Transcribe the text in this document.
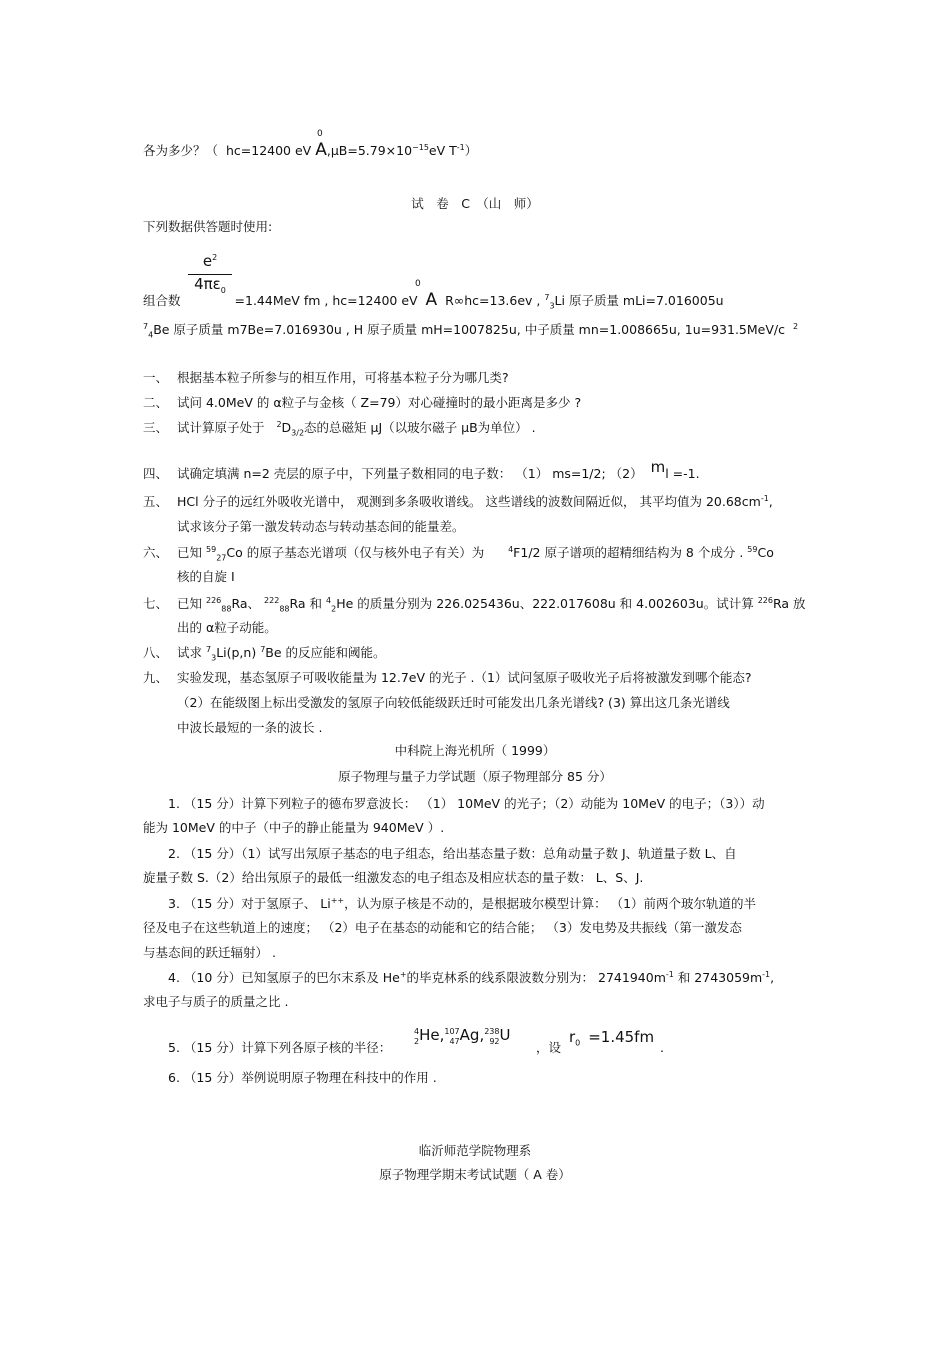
0
各为多少？（ hc=12400 eV $A,\mu B=5.79\times 10^{-15}eV$ $T^{-1}$）
试　卷　C　（山　师）
下列数据供答题时使用:
$e^2$
$4\pi\varepsilon_0$
0
组合数	=1.44MeV fm , hc=12400 eV A R∞hc=13.6ev , $^7_3$Li 原子质量 mLi=7.016005u
$^7_4$Be 原子质量 m7Be=7.016930u , H 原子质量 mH=1007825u, 中子质量 mn=1.008665u, 1u=931.5MeV/c $^2$
一、 根据基本粒子所参与的相互作用，可将基本粒子分为哪几类?
二、 试问 4.0MeV 的 α粒子与金核（ Z=79）对心碰撞时的最小距离是多少 ?
三、 试计算原子处于 $^2D_{3/2}$态的总磁矩 μJ（以玻尔磁子 μB为单位） .
四、 试确定填满 n=2 壳层的原子中，下列量子数相同的电子数： （1） ms=1/2; （2） ml =-1.
五、 HCl 分子的远红外吸收光谱中， 观测到多条吸收谱线。 这些谱线的波数间隔近似， 其平均值为 $20.68cm^{-1}$,
试求该分子第一激发转动态与转动基态间的能量差。
六、 已知 $^{59}_{27}$Co 的原子基态光谱项（仅与核外电子有关）为	$^4$F1/2 原子谱项的超精细结构为 8 个成分 . $^{59}$Co
核的自旋 I
七、 已知 $^{226}_{88}$Ra、 $^{222}_{88}$Ra 和 $^4_2$He 的质量分别为 226.025436u、222.017608u 和 4.002603u。试计算 $^{226}$Ra 放
出的 α粒子动能。
八、 试求 $^7_3$Li(p,n) $^7$Be 的反应能和阈能。
九、 实验发现，基态氢原子可吸收能量为 12.7eV 的光子 .（1）试问氢原子吸收光子后将被激发到哪个能态?
（2）在能级图上标出受激发的氢原子向较低能级跃迁时可能发出几条光谱线? (3) 算出这几条光谱线
中波长最短的一条的波长 .
中科院上海光机所（ 1999）
原子物理与量子力学试题（原子物理部分 85 分）
1. （15 分）计算下列粒子的德布罗意波长： （1） 10MeV 的光子；（2）动能为 10MeV 的电子；（3））动
能为 10MeV 的中子（中子的静止能量为 940MeV ）.
2. （15 分）（1）试写出氖原子基态的电子组态，给出基态量子数：总角动量子数 J、轨道量子数 L、自
旋量子数 S.（2）给出氖原子的最低一组激发态的电子组态及相应状态的量子数： L、S、J.
3. （15 分）对于氢原子、 Li++，认为原子核是不动的，是根据玻尔模型计算： （1）前两个玻尔轨道的半
径及电子在这些轨道上的速度； （2）电子在基态的动能和它的结合能； （3）发电势及共振线（第一激发态
与基态间的跃迁辐射） .
4. （10 分）已知氢原子的巴尔末系及 He+的毕克林系的线系限波数分别为： $2741940m^{-1}$ 和 $2743059m^{-1}$,
求电子与质子的质量之比 .
5. （15 分）计算下列各原子核的半径：
4
2He,107
47Ag,238
92U
，设
$r_0 =1.45fm$
.
6. （15 分）举例说明原子物理在科技中的作用 .
临沂师范学院物理系
原子物理学期末考试试题（ A 卷）
